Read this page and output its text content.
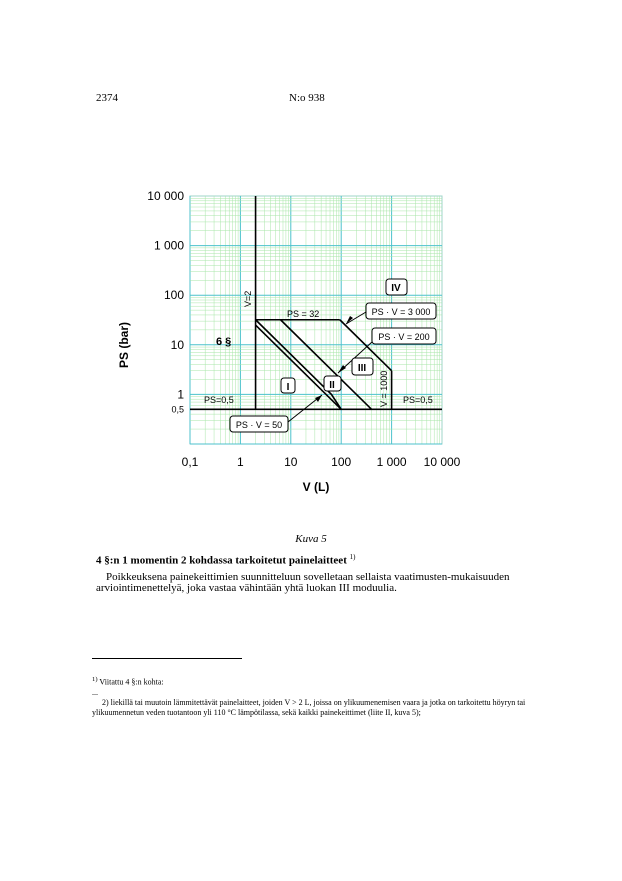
2374	N:o 938
0,1	1	10	100 1 000 10 000
0,5
1
10
100
1 000
10 000
V (L)
PS (bar)
PS=0,5	PS=0,5
V=2
PS = 32
V = 1000
6 §
PS · V = 3 000
PS · V = 200
PS · V = 50
I	II
III
IV
Kuva 5
4 §:n 1 momentin 2 kohdassa tarkoitetut painelaitteet $^{1)}$
Poikkeuksena painekeittimien suunnitteluun sovelletaan sellaista vaatimusten-mukaisuuden arviointimenettelyä, joka vastaa vähintään yhtä luokan III moduulia.
$^{1)}$ Viitattu 4 §:n kohta:
...
2) liekillä tai muutoin lämmitettävät painelaitteet, joiden V > 2 L, joissa on ylikuumenemisen vaara ja jotka on tarkoitettu höyryn tai ylikuumennetun veden tuotantoon yli 110 °C lämpötilassa, sekä kaikki painekeittimet (liite II, kuva 5);
